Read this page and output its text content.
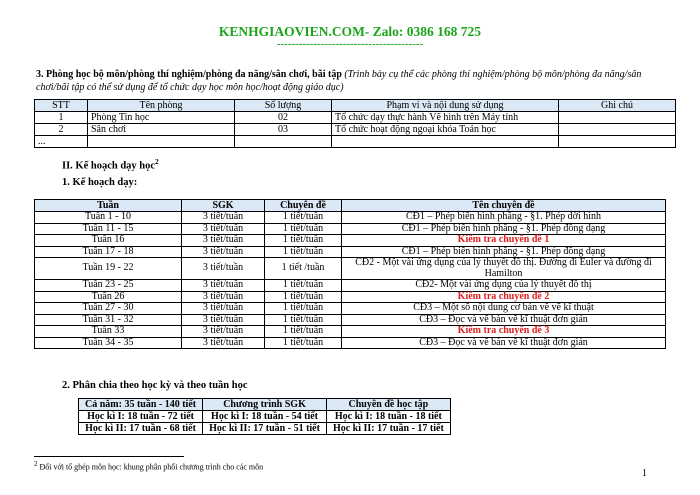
KENHGIAOVIEN.COM- Zalo: 0386 168 725
----------------------------------------
3. Phòng học bộ môn/phòng thí nghiệm/phòng đa năng/sân chơi, bãi tập (Trình bày cụ thể các phòng thí nghiệm/phòng bộ môn/phòng đa năng/sân chơi/bãi tập có thể sử dụng để tổ chức dạy học môn học/hoạt động giáo dục)
STT	Tên phòng	Số lượng	Phạm vi và nội dung sử dụng	Ghi chú
1	Phòng Tin học	02	Tổ chức dạy thực hành Vẽ hình trên Máy tính	
2	Sân chơi	03	Tổ chức hoạt động ngoại khóa Toán học	
...				
II. Kế hoạch dạy học$^2$
1. Kế hoạch dạy:
Tuần	SGK	Chuyên đề	Tên chuyên đề
Tuần 1 - 10	3 tiết/tuần	1 tiết/tuần	CĐ1 – Phép biến hình phẳng - §1. Phép dời hình
Tuần 11 - 15	3 tiết/tuần	1 tiết/tuần	CĐ1 – Phép biến hình phẳng - §1. Phép đồng dạng
Tuần 16	3 tiết/tuần	1 tiết/tuần	Kiểm tra chuyên đề 1
Tuần 17 - 18	3 tiết/tuần	1 tiết/tuần	CĐ1 – Phép biến hình phẳng - §1. Phép đồng dạng
Tuần 19 - 22	3 tiết/tuần	1 tiết /tuần	CĐ2 - Một vài ứng dụng của lý thuyết đồ thị. Đường đi Euler và đường đi Hamilton
Tuần 23 - 25	3 tiết/tuần	1 tiết/tuần	CĐ2- Một vài ứng dụng của lý thuyết đồ thị
Tuần 26	3 tiết/tuần	1 tiết/tuần	Kiểm tra chuyên đề 2
Tuần 27 - 30	3 tiết/tuần	1 tiết/tuần	CĐ3 – Một số nội dung cơ bản về vẽ kĩ thuật
Tuần 31 - 32	3 tiết/tuần	1 tiết/tuần	CĐ3 – Đọc và vẽ bản vẽ kĩ thuật đơn giản
Tuần 33	3 tiết/tuần	1 tiết/tuần	Kiểm tra chuyên đề 3
Tuần 34 - 35	3 tiết/tuần	1 tiết/tuần	CĐ3 – Đọc và vẽ bản vẽ kĩ thuật đơn giản
2. Phân chia theo học kỳ và theo tuần học
Cả năm: 35 tuần - 140 tiết	Chương trình SGK	Chuyên đề học tập
Học kì I: 18 tuần - 72 tiết	Học kì I: 18 tuần - 54 tiết	Học kì I: 18 tuần - 18 tiết
Học kì II: 17 tuần - 68 tiết	Học kì II: 17 tuần - 51 tiết	Học kì II: 17 tuần - 17 tiết
$^2$ Đối với tổ ghép môn học: khung phân phối chương trình cho các môn
1
